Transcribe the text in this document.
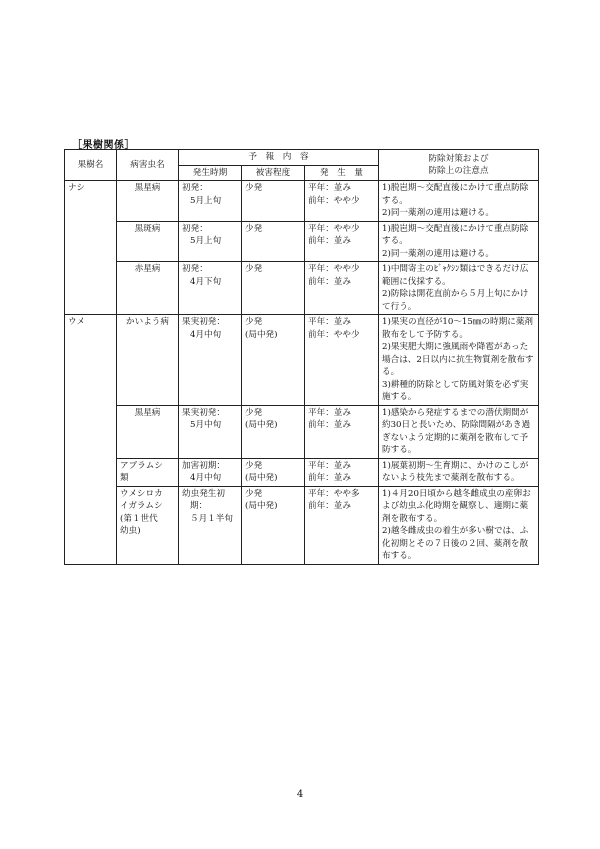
［果樹関係］
果樹名	病害虫名	予　報　内　容			防除対策および
防除上の注意点

		発生時期	被害程度	発　生　量	
ナシ	黒星病	初発：
5月上旬	少発	平年：並み
前年：やや少	1)脱岜期〜交配直後にかけて重点防除する。
2)同一薬剤の連用は避ける。

	黒斑病	初発：
5月上旬	少発	平年：やや少
前年：並み	1)脱岜期〜交配直後にかけて重点防除する。
2)同一薬剤の連用は避ける。

	赤星病	初発：
4月下旬	少発	平年：やや少
前年：並み	1)中間寄主のﾋﾞｬｸｼﾝ類はできるだけ広範囲に伐採する。
2)防除は開花直前から５月上旬にかけて行う。

ウメ	かいよう病	果実初発：
4月中旬	少発
(局中発)	平年：並み
前年：やや少	1)果実の直径が10〜15㎜の時期に薬剤散布をして予防する。
2)果実肥大期に強風雨や降雹があった場合は、2日以内に抗生物質剤を散布する。
3)耕種的防除として防風対策を必ず実施する。

	黒星病	果実初発：
5月中旬	少発
(局中発)	平年：並み
前年：並み	1)感染から発症するまでの潜伏期間が約30日と長いため、防除間隔があき過ぎないよう定期的に薬剤を散布して予防する。

	アブラムシ
類	加害初期：
4月中旬	少発
(局中発)	平年：並み
前年：並み	1)展葉初期〜生育期に、かけのこしがないよう枝先まで薬剤を散布する。

	ウメシロカ
イガラムシ
(第１世代
幼虫)	幼虫発生初
期：
５月１半旬	少発
(局中発)	平年：やや多
前年：並み	1)４月20日頃から越冬雌成虫の産卵および幼虫ふ化時期を観察し、適期に薬剤を散布する。
2)越冬雌成虫の着生が多い樹では、ふ化初期とその７日後の２回、薬剤を散布する。
4
